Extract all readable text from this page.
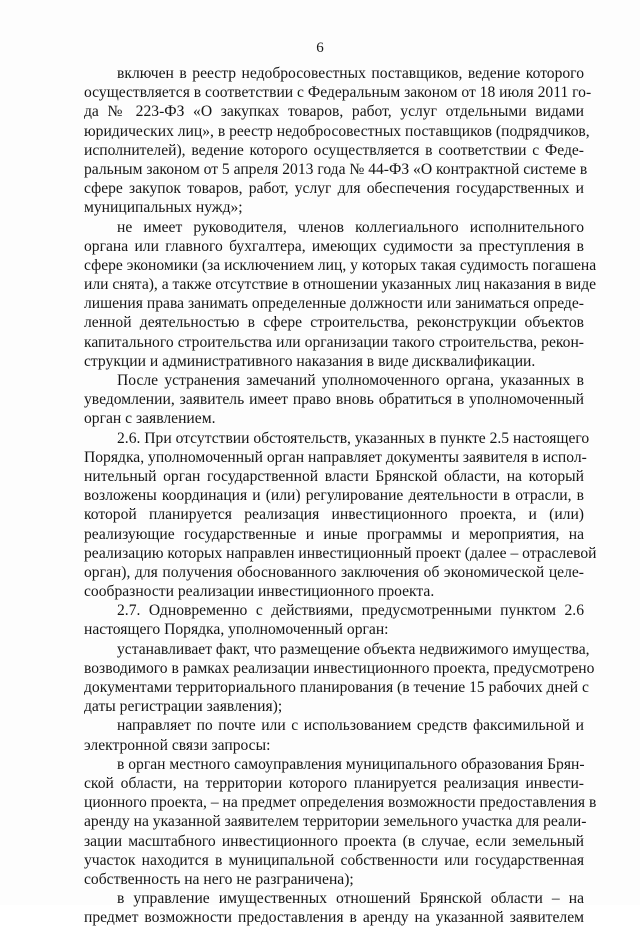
6
включен в реестр недобросовестных поставщиков, ведение которого
осуществляется в соответствии с Федеральным законом от 18 июля 2011 го-
да № 223-ФЗ «О закупках товаров, работ, услуг отдельными видами
юридических лиц», в реестр недобросовестных поставщиков (подрядчиков,
исполнителей), ведение которого осуществляется в соответствии с Феде-
ральным законом от 5 апреля 2013 года № 44-ФЗ «О контрактной системе в
сфере закупок товаров, работ, услуг для обеспечения государственных и
муниципальных нужд»;
не имеет руководителя, членов коллегиального исполнительного
органа или главного бухгалтера, имеющих судимости за преступления в
сфере экономики (за исключением лиц, у которых такая судимость погашена
или снята), а также отсутствие в отношении указанных лиц наказания в виде
лишения права занимать определенные должности или заниматься опреде-
ленной деятельностью в сфере строительства, реконструкции объектов
капитального строительства или организации такого строительства, рекон-
струкции и административного наказания в виде дисквалификации.
После устранения замечаний уполномоченного органа, указанных в
уведомлении, заявитель имеет право вновь обратиться в уполномоченный
орган с заявлением.
2.6. При отсутствии обстоятельств, указанных в пункте 2.5 настоящего
Порядка, уполномоченный орган направляет документы заявителя в испол-
нительный орган государственной власти Брянской области, на который
возложены координация и (или) регулирование деятельности в отрасли, в
которой планируется реализация инвестиционного проекта, и (или)
реализующие государственные и иные программы и мероприятия, на
реализацию которых направлен инвестиционный проект (далее – отраслевой
орган), для получения обоснованного заключения об экономической целе-
сообразности реализации инвестиционного проекта.
2.7. Одновременно с действиями, предусмотренными пунктом 2.6
настоящего Порядка, уполномоченный орган:
устанавливает факт, что размещение объекта недвижимого имущества,
возводимого в рамках реализации инвестиционного проекта, предусмотрено
документами территориального планирования (в течение 15 рабочих дней с
даты регистрации заявления);
направляет по почте или с использованием средств факсимильной и
электронной связи запросы:
в орган местного самоуправления муниципального образования Брян-
ской области, на территории которого планируется реализация инвести-
ционного проекта, – на предмет определения возможности предоставления в
аренду на указанной заявителем территории земельного участка для реали-
зации масштабного инвестиционного проекта (в случае, если земельный
участок находится в муниципальной собственности или государственная
собственность на него не разграничена);
в управление имущественных отношений Брянской области – на
предмет возможности предоставления в аренду на указанной заявителем
